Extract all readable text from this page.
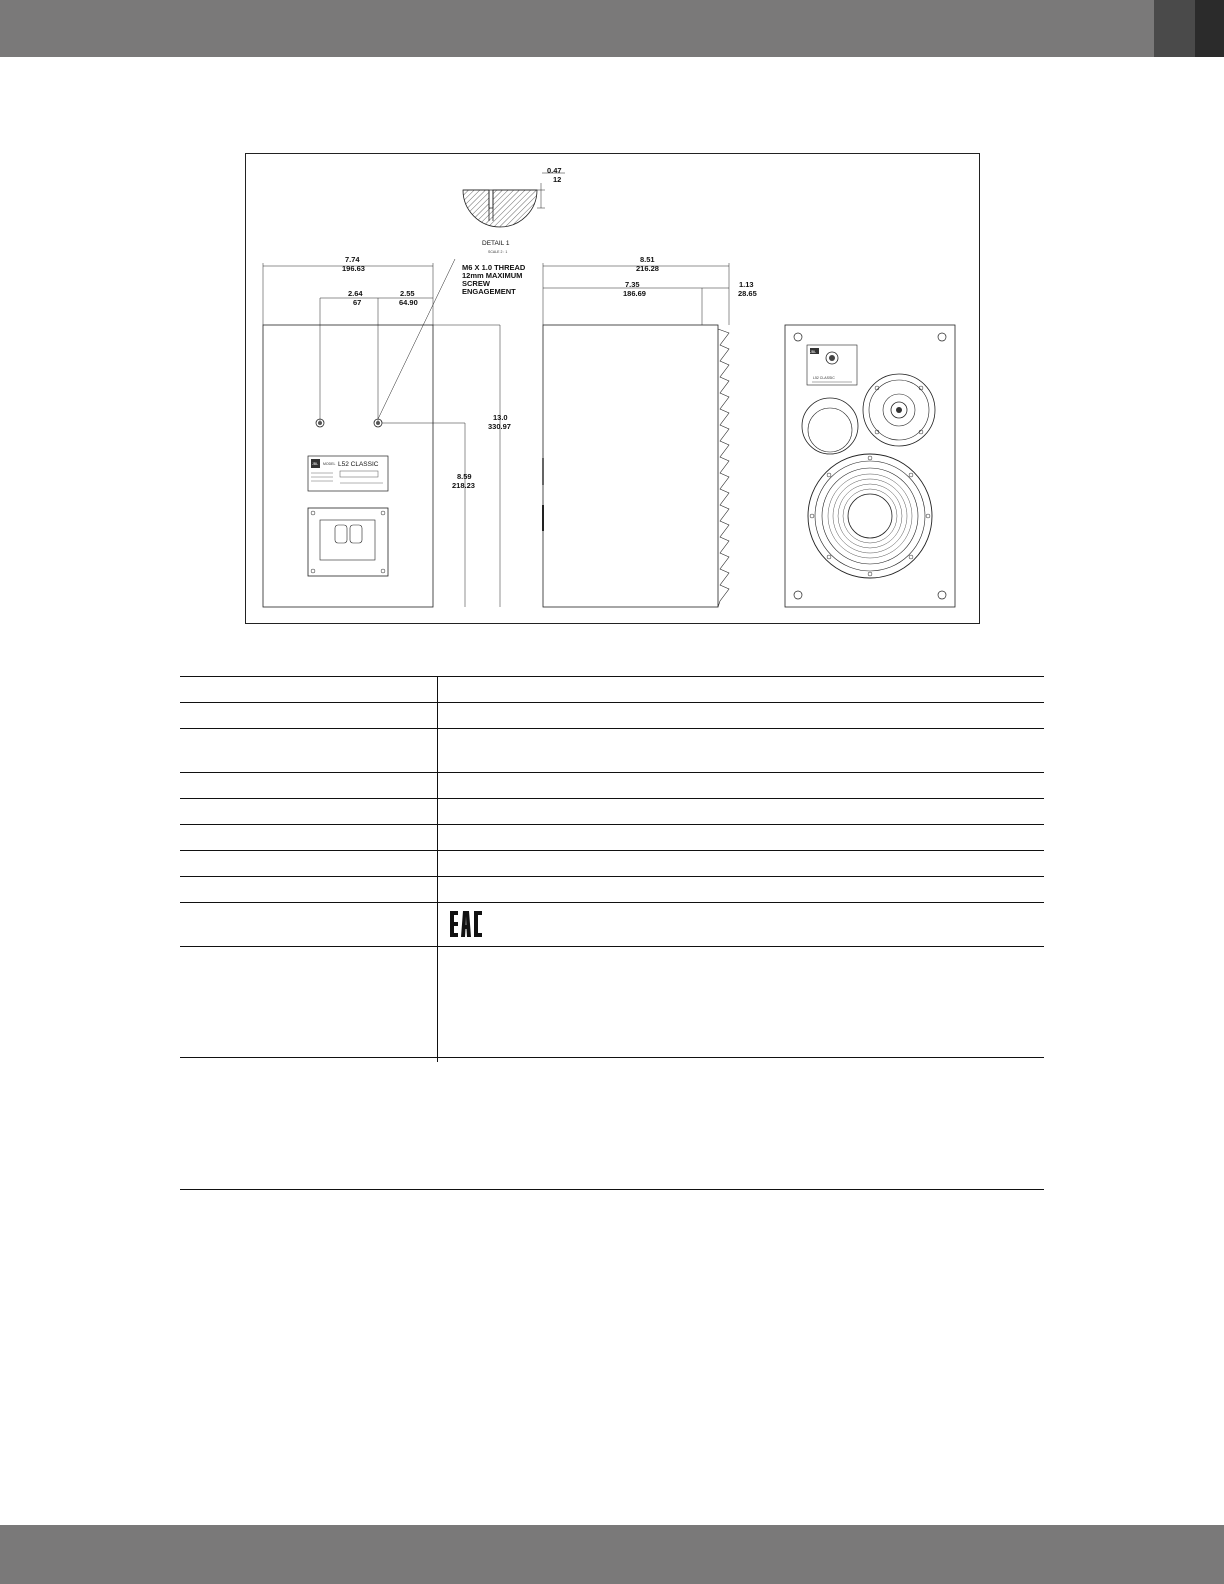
0.47
12
DETAIL 1
SCALE 2 : 1
7.74
196.63
2.64
67
2.55
64.90
JBL MODEL L52 CLASSIC
13.0
330.97
8.59
218.23
M6 X 1.0 THREAD
12mm MAXIMUM
SCREW
ENGAGEMENT
8.51
216.28
7.35
186.69
1.13
28.65
JBL
L52 CLASSIC
